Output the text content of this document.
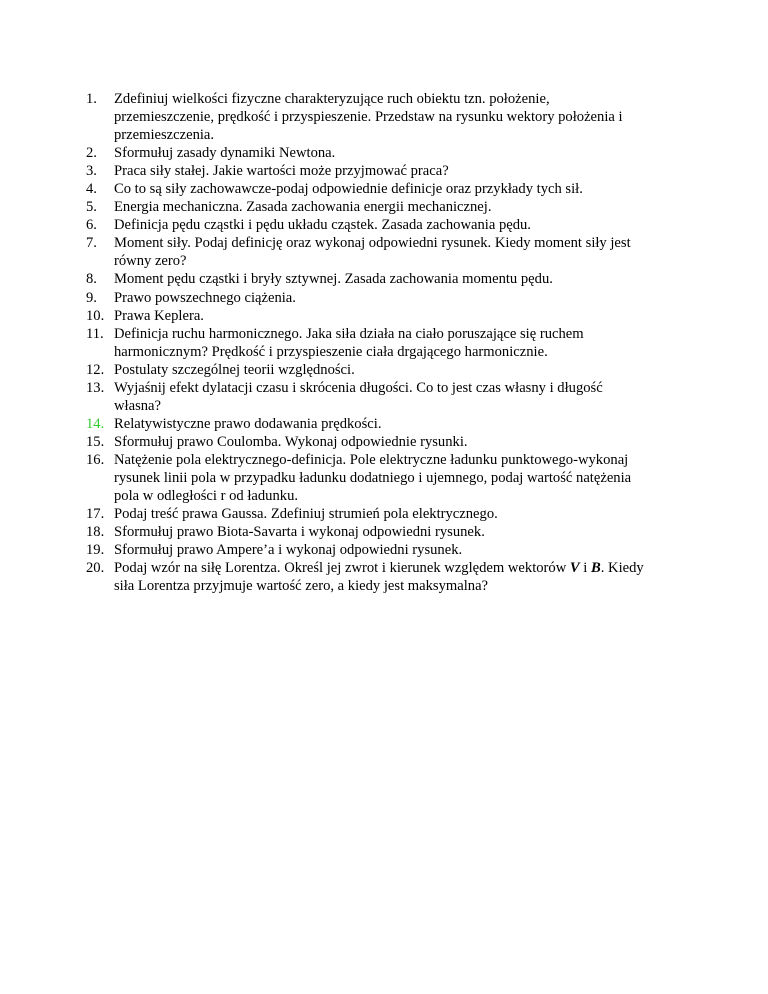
1.	Zdefiniuj wielkości fizyczne charakteryzujące ruch obiektu tzn. położenie,
przemieszczenie, prędkość i przyspieszenie. Przedstaw na rysunku wektory położenia i
przemieszczenia.
2.	Sformułuj zasady dynamiki Newtona.
3.	Praca siły stałej. Jakie wartości może przyjmować praca?
4.	Co to są siły zachowawcze-podaj odpowiednie definicje oraz przykłady tych sił.
5.	Energia mechaniczna. Zasada zachowania energii mechanicznej.
6.	Definicja pędu cząstki i pędu układu cząstek. Zasada zachowania pędu.
7.	Moment siły. Podaj definicję oraz wykonaj odpowiedni rysunek. Kiedy moment siły jest
równy zero?
8.	Moment pędu cząstki i bryły sztywnej. Zasada zachowania momentu pędu.
9.	Prawo powszechnego ciążenia.
10. Prawa Keplera.
11. Definicja ruchu harmonicznego. Jaka siła działa na ciało poruszające się ruchem
harmonicznym? Prędkość i przyspieszenie ciała drgającego harmonicznie.
12. Postulaty szczególnej teorii względności.
13. Wyjaśnij efekt dylatacji czasu i skrócenia długości. Co to jest czas własny i długość
własna?
14. Relatywistyczne prawo dodawania prędkości.
15. Sformułuj prawo Coulomba. Wykonaj odpowiednie rysunki.
16. Natężenie pola elektrycznego-definicja. Pole elektryczne ładunku punktowego-wykonaj
rysunek linii pola w przypadku ładunku dodatniego i ujemnego, podaj wartość natężenia
pola w odległości r od ładunku.
17. Podaj treść prawa Gaussa. Zdefiniuj strumień pola elektrycznego.
18. Sformułuj prawo Biota-Savarta i wykonaj odpowiedni rysunek.
19. Sformułuj prawo Ampere’a i wykonaj odpowiedni rysunek.
20. Podaj wzór na siłę Lorentza. Określ jej zwrot i kierunek względem wektorów V i B. Kiedy
siła Lorentza przyjmuje wartość zero, a kiedy jest maksymalna?
